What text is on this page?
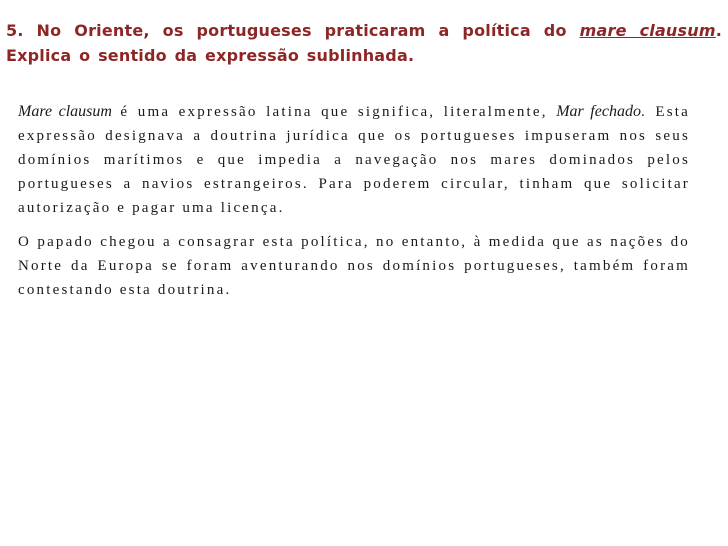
5. No Oriente, os portugueses praticaram a política do mare clausum. Explica o sentido da expressão sublinhada.

Mare clausum é uma expressão latina que significa, literalmente, Mar fechado. Esta expressão designava a doutrina jurídica que os portugueses impuseram nos seus domínios marítimos e que impedia a navegação nos mares dominados pelos portugueses a navios estrangeiros. Para poderem circular, tinham que solicitar autorização e pagar uma licença.

O papado chegou a consagrar esta política, no entanto, à medida que as nações do Norte da Europa se foram aventurando nos domínios portugueses, também foram contestando esta doutrina.
